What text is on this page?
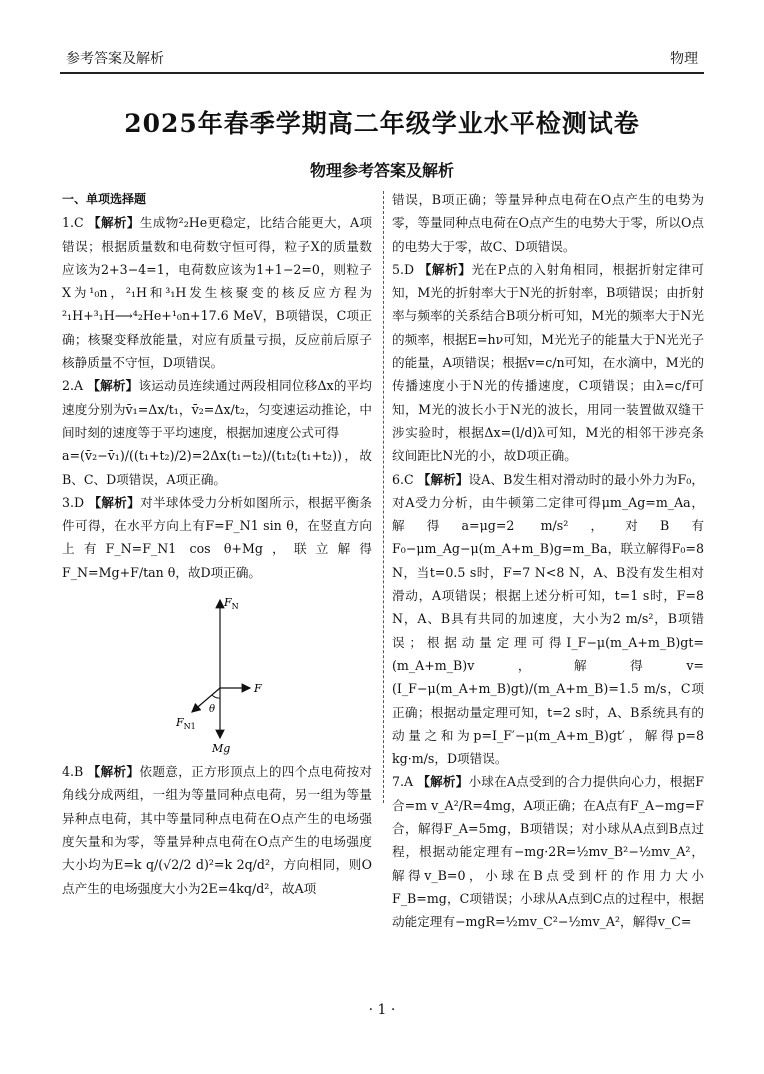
参考答案及解析	物理
2025年春季学期高二年级学业水平检测试卷
物理参考答案及解析

一、单项选择题

1.C 【解析】生成物²₂He更稳定，比结合能更大，A项错误；根据质量数和电荷数守恒可得，粒子X的质量数应该为2+3−4=1，电荷数应该为1+1−2=0，则粒子X为¹₀n，²₁H和³₁H发生核聚变的核反应方程为²₁H+³₁H⟶⁴₂He+¹₀n+17.6 MeV，B项错误，C项正确；核聚变释放能量，对应有质量亏损，反应前后原子核静质量不守恒，D项错误。

2.A 【解析】该运动员连续通过两段相同位移Δx的平均速度分别为v̄₁=Δx/t₁，v̄₂=Δx/t₂，匀变速运动推论，中间时刻的速度等于平均速度，根据加速度公式可得
a=(v̄₂−v̄₁)/((t₁+t₂)/2)=2Δx(t₁−t₂)/(t₁t₂(t₁+t₂))，故B、C、D项错误，A项正确。

3.D 【解析】对半球体受力分析如图所示，根据平衡条件可得，在水平方向上有F=F_N1 sin θ，在竖直方向上有F_N=F_N1 cos θ+Mg，联立解得F_N=Mg+F/tan θ，故D项正确。

$F_N$
F
$F_{N1}$
θ
Mg

4.B 【解析】依题意，正方形顶点上的四个点电荷按对角线分成两组，一组为等量同种点电荷，另一组为等量异种点电荷，其中等量同种点电荷在O点产生的电场强度矢量和为零，等量异种点电荷在O点产生的电场强度大小均为E=k q/(√2/2 d)²=k 2q/d²，方向相同，则O点产生的电场强度大小为2E=4kq/d²，故A项

错误，B项正确；等量异种点电荷在O点产生的电势为零，等量同种点电荷在O点产生的电势大于零，所以O点的电势大于零，故C、D项错误。

5.D 【解析】光在P点的入射角相同，根据折射定律可知，M光的折射率大于N光的折射率，B项错误；由折射率与频率的关系结合B项分析可知，M光的频率大于N光的频率，根据E=hν可知，M光光子的能量大于N光光子的能量，A项错误；根据v=c/n可知，在水滴中，M光的传播速度小于N光的传播速度，C项错误；由λ=c/f可知，M光的波长小于N光的波长，用同一装置做双缝干涉实验时，根据Δx=(l/d)λ可知，M光的相邻干涉亮条纹间距比N光的小，故D项正确。

6.C 【解析】设A、B发生相对滑动时的最小外力为F₀，对A受力分析，由牛顿第二定律可得μm_Ag=m_Aa，解得a=μg=2 m/s²，对B有F₀−μm_Ag−μ(m_A+m_B)g=m_Ba，联立解得F₀=8 N，当t=0.5 s时，F=7 N<8 N，A、B没有发生相对滑动，A项错误；根据上述分析可知，t=1 s时，F=8 N，A、B具有共同的加速度，大小为2 m/s²，B项错误；根据动量定理可得I_F−μ(m_A+m_B)gt=(m_A+m_B)v，解得v=(I_F−μ(m_A+m_B)gt)/(m_A+m_B)=1.5 m/s，C项正确；根据动量定理可知，t=2 s时，A、B系统具有的动量之和为p=I_F′−μ(m_A+m_B)gt′，解得p=8 kg·m/s，D项错误。

7.A 【解析】小球在A点受到的合力提供向心力，根据F合=m v_A²/R=4mg，A项正确；在A点有F_A−mg=F合，解得F_A=5mg，B项错误；对小球从A点到B点过程，根据动能定理有−mg·2R=½mv_B²−½mv_A²，解得v_B=0，小球在B点受到杆的作用力大小F_B=mg，C项错误；小球从A点到C点的过程中，根据动能定理有−mgR=½mv_C²−½mv_A²，解得v_C=

· 1 ·
